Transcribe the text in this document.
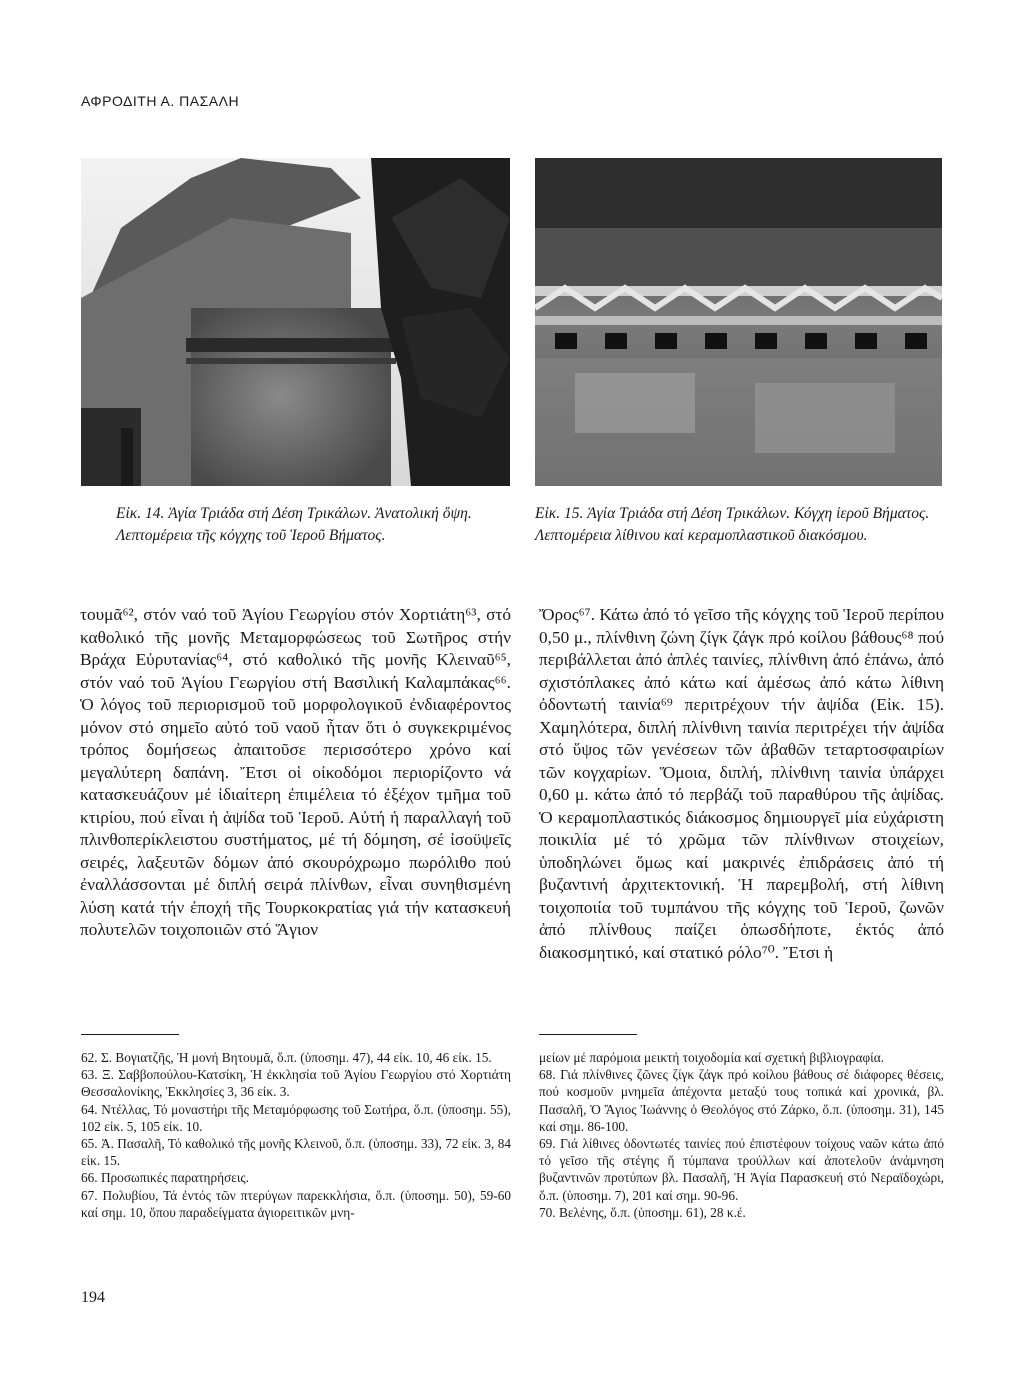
ΑΦΡΟΔΙΤΗ Α. ΠΑΣΑΛΗ
Εἰκ. 14. Ἁγία Τριάδα στή Δέση Τρικάλων. Ἀνατολική ὄψη. Λεπτομέρεια τῆς κόγχης τοῦ Ἱεροῦ Βήματος.
Εἰκ. 15. Ἁγία Τριάδα στή Δέση Τρικάλων. Κόγχη ἱεροῦ Βήματος. Λεπτομέρεια λίθινου καί κεραμοπλαστικοῦ διακόσμου.

τουμᾶ⁶², στόν ναό τοῦ Ἁγίου Γεωργίου στόν Χορτιάτη⁶³, στό καθολικό τῆς μονῆς Μεταμορφώσεως τοῦ Σωτῆρος στήν Βράχα Εὐρυτανίας⁶⁴, στό καθολικό τῆς μονῆς Κλειναῦ⁶⁵, στόν ναό τοῦ Ἁγίου Γεωργίου στή Βασιλική Καλαμπάκας⁶⁶. Ὁ λόγος τοῦ περιορισμοῦ τοῦ μορφολογικοῦ ἐνδιαφέροντος μόνον στό σημεῖο αὐτό τοῦ ναοῦ ἦταν ὅτι ὁ συγκεκριμένος τρόπος δομήσεως ἀπαιτοῦσε περισσότερο χρόνο καί μεγαλύτερη δαπάνη. Ἔτσι οἱ οἰκοδόμοι περιορίζοντο νά κατασκευάζουν μέ ἰδιαίτερη ἐπιμέλεια τό ἐξέχον τμῆμα τοῦ κτιρίου, πού εἶναι ἡ ἁψίδα τοῦ Ἱεροῦ. Αὐτή ἡ παραλλαγή τοῦ πλινθοπερίκλειστου συστήματος, μέ τή δόμηση, σέ ἰσοϋψεῖς σειρές, λαξευτῶν δόμων ἀπό σκουρόχρωμο πωρόλιθο πού ἐναλλάσσονται μέ διπλή σειρά πλίνθων, εἶναι συνηθισμένη λύση κατά τήν ἐποχή τῆς Τουρκοκρατίας γιά τήν κατασκευή πολυτελῶν τοιχοποιιῶν στό Ἅγιον

Ὄρος⁶⁷. Κάτω ἀπό τό γεῖσο τῆς κόγχης τοῦ Ἱεροῦ περίπου 0,50 μ., πλίνθινη ζώνη ζίγκ ζάγκ πρό κοίλου βάθους⁶⁸ πού περιβάλλεται ἀπό ἁπλές ταινίες, πλίνθινη ἀπό ἐπάνω, ἀπό σχιστόπλακες ἀπό κάτω καί ἀμέσως ἀπό κάτω λίθινη ὀδοντωτή ταινία⁶⁹ περιτρέχουν τήν ἁψίδα (Εἰκ. 15). Χαμηλότερα, διπλή πλίνθινη ταινία περιτρέχει τήν ἁψίδα στό ὕψος τῶν γενέσεων τῶν ἀβαθῶν τεταρτοσφαιρίων τῶν κογχαρίων. Ὅμοια, διπλή, πλίνθινη ταινία ὑπάρχει 0,60 μ. κάτω ἀπό τό περβάζι τοῦ παραθύρου τῆς ἁψίδας. Ὁ κεραμοπλαστικός διάκοσμος δημιουργεῖ μία εὐχάριστη ποικιλία μέ τό χρῶμα τῶν πλίνθινων στοιχείων, ὑποδηλώνει ὅμως καί μακρινές ἐπιδράσεις ἀπό τή βυζαντινή ἀρχιτεκτονική. Ἡ παρεμβολή, στή λίθινη τοιχοποιία τοῦ τυμπάνου τῆς κόγχης τοῦ Ἱεροῦ, ζωνῶν ἀπό πλίνθους παίζει ὁπωσδήποτε, ἐκτός ἀπό διακοσμητικό, καί στατικό ρόλο⁷⁰. Ἔτσι ἡ

62. Σ. Βογιατζῆς, Ἡ μονή Βητουμᾶ, ὅ.π. (ὑποσημ. 47), 44 εἰκ. 10, 46 εἰκ. 15.

63. Ξ. Σαββοπούλου-Κατσίκη, Ἡ ἐκκλησία τοῦ Ἁγίου Γεωργίου στό Χορτιάτη Θεσσαλονίκης, Ἐκκλησίες 3, 36 εἰκ. 3.

64. Ντέλλας, Τό μοναστήρι τῆς Μεταμόρφωσης τοῦ Σωτήρα, ὅ.π. (ὑποσημ. 55), 102 εἰκ. 5, 105 εἰκ. 10.

65. Ἀ. Πασαλῆ, Τό καθολικό τῆς μονῆς Κλεινοῦ, ὅ.π. (ὑποσημ. 33), 72 εἰκ. 3, 84 εἰκ. 15.

66. Προσωπικές παρατηρήσεις.

67. Πολυβίου, Τά ἐντός τῶν πτερύγων παρεκκλήσια, ὅ.π. (ὑποσημ. 50), 59-60 καί σημ. 10, ὅπου παραδείγματα ἁγιορειτικῶν μνη-

μείων μέ παρόμοια μεικτή τοιχοδομία καί σχετική βιβλιογραφία.

68. Γιά πλίνθινες ζῶνες ζίγκ ζάγκ πρό κοίλου βάθους σέ διάφορες θέσεις, πού κοσμοῦν μνημεῖα ἀπέχοντα μεταξύ τους τοπικά καί χρονικά, βλ. Πασαλῆ, Ὁ Ἅγιος Ἰωάννης ὁ Θεολόγος στό Ζάρκο, ὅ.π. (ὑποσημ. 31), 145 καί σημ. 86-100.

69. Γιά λίθινες ὀδοντωτές ταινίες πού ἐπιστέφουν τοίχους ναῶν κάτω ἀπό τό γεῖσο τῆς στέγης ἤ τύμπανα τρούλλων καί ἀποτελοῦν ἀνάμνηση βυζαντινῶν προτύπων βλ. Πασαλῆ, Ἡ Ἁγία Παρασκευή στό Νεραϊδοχώρι, ὅ.π. (ὑποσημ. 7), 201 καί σημ. 90-96.

70. Βελένης, ὅ.π. (ὑποσημ. 61), 28 κ.έ.

194
